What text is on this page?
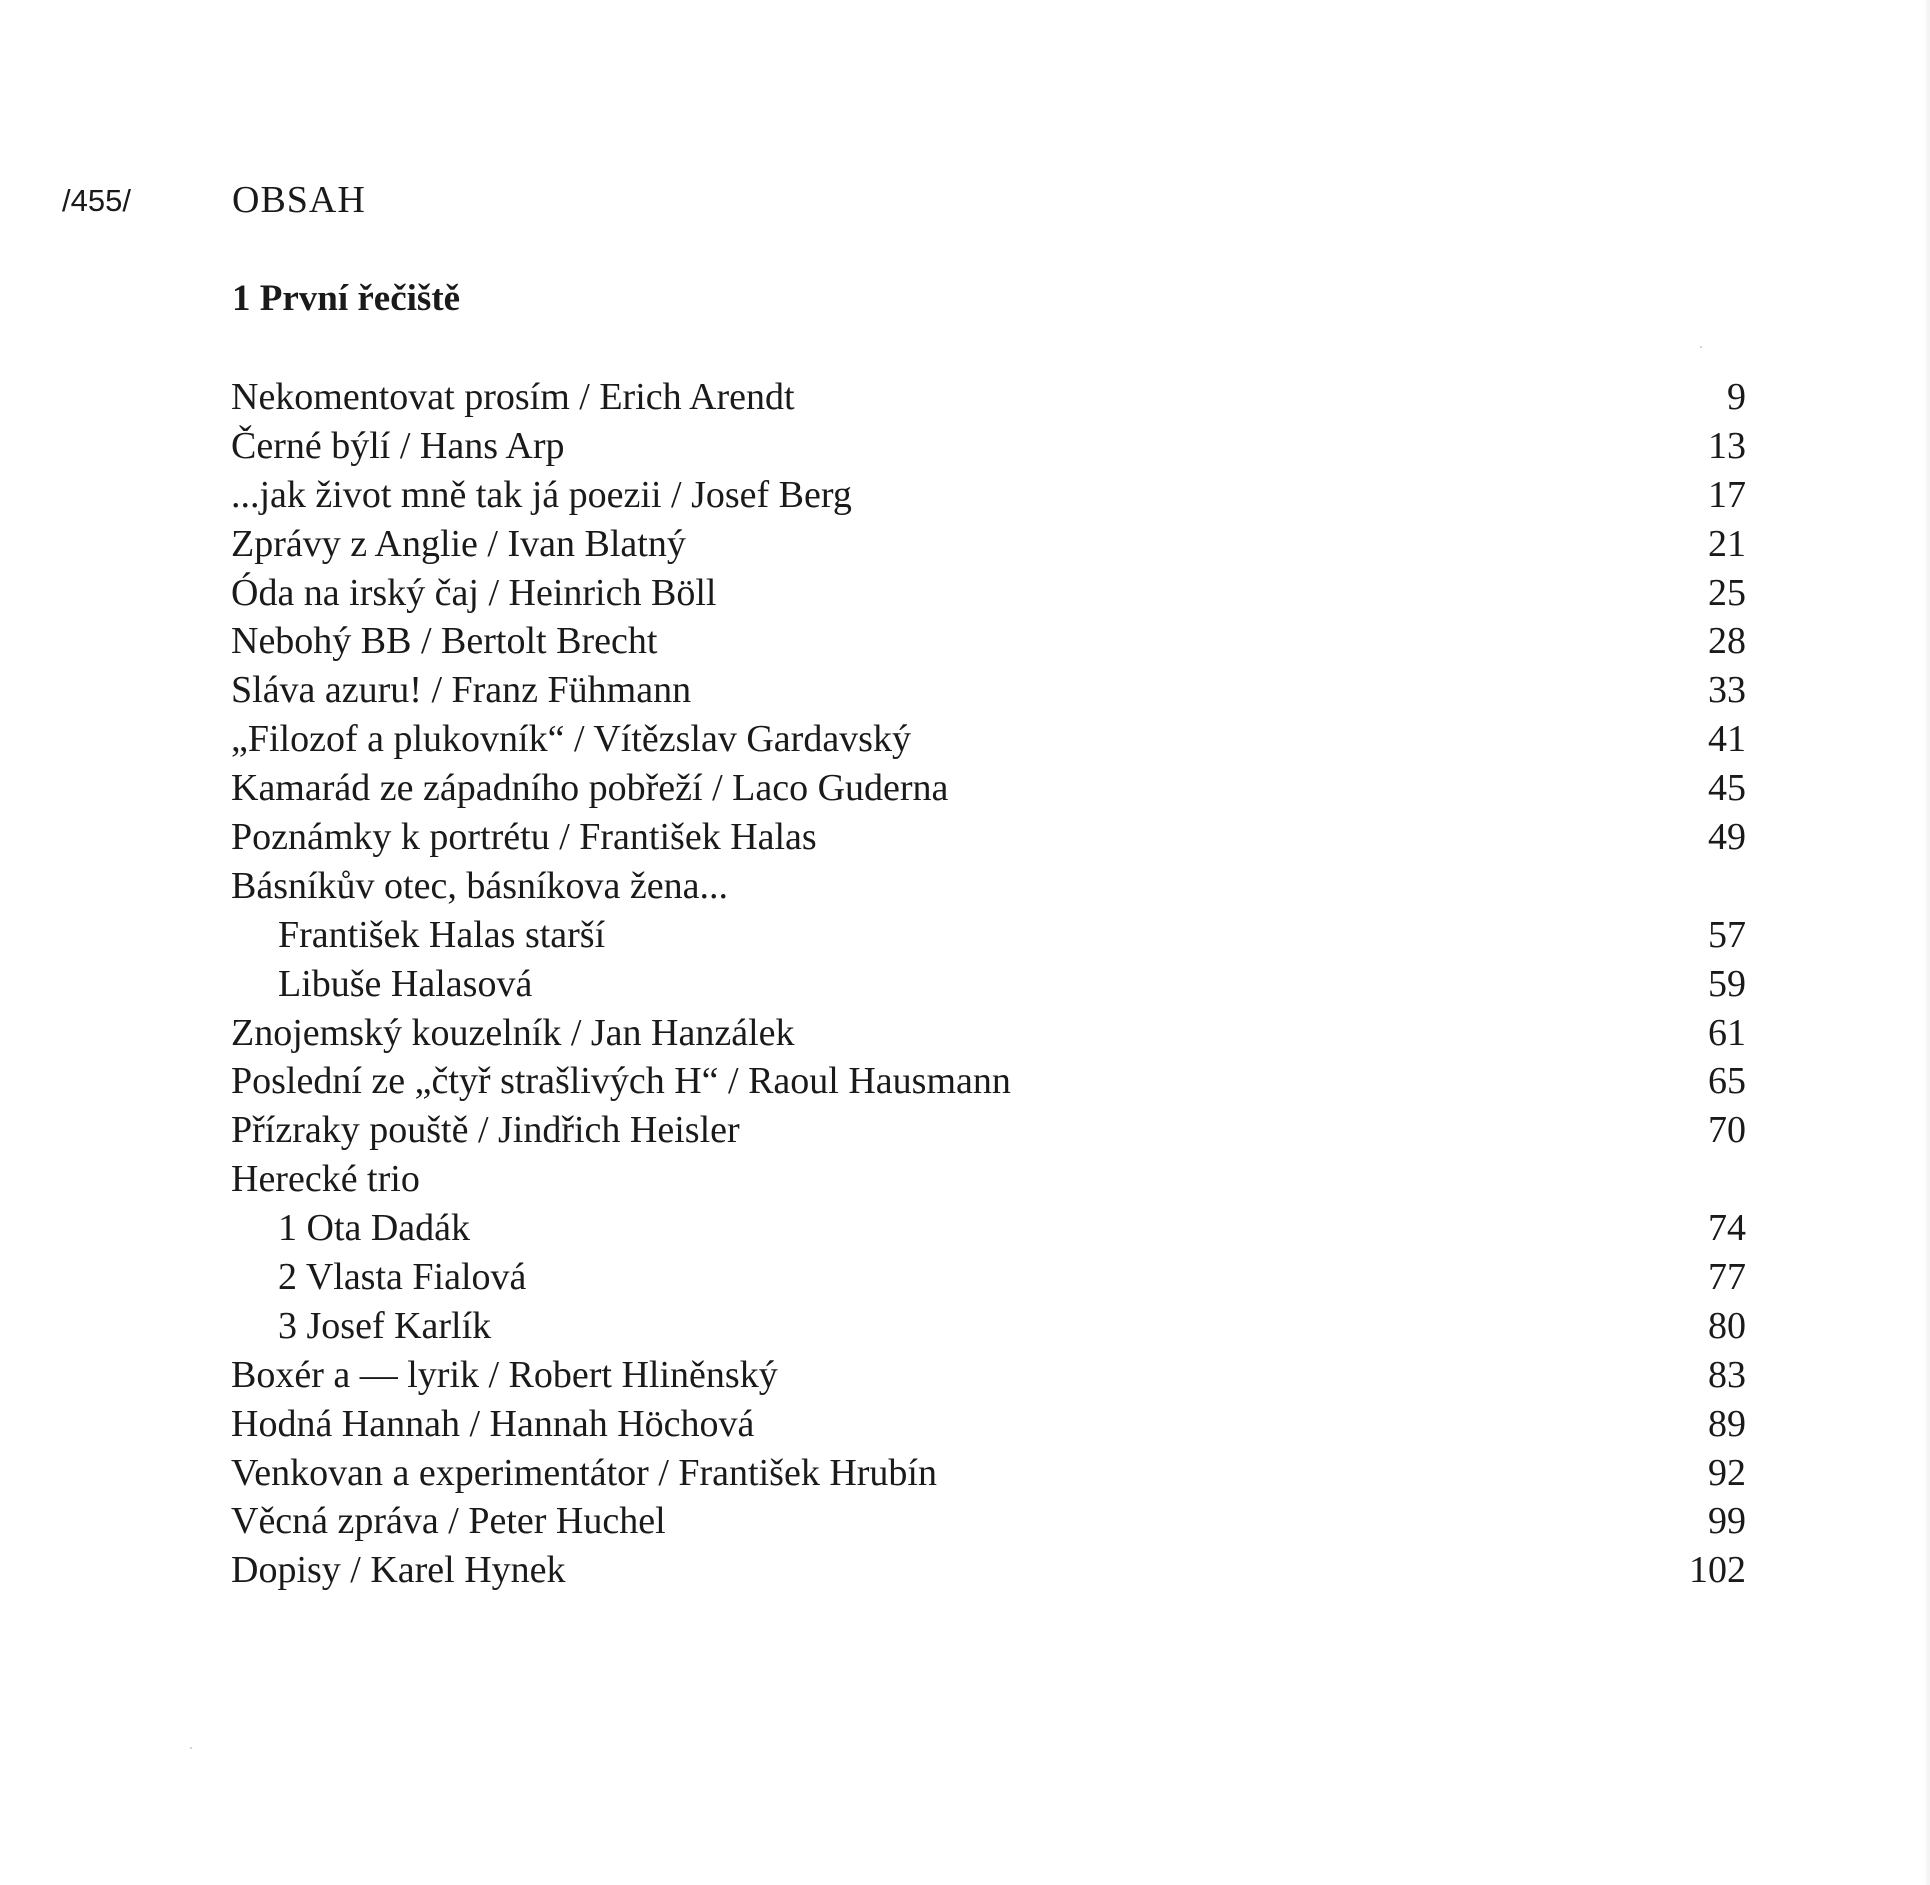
/455/	OBSAH
1 První řečiště
Nekomentovat prosím / Erich Arendt	9
Černé býlí / Hans Arp	13
...jak život mně tak já poezii / Josef Berg	17
Zprávy z Anglie / Ivan Blatný	21
Óda na irský čaj / Heinrich Böll	25
Nebohý BB / Bertolt Brecht	28
Sláva azuru! / Franz Fühmann	33
„Filozof a plukovník“ / Vítězslav Gardavský	41
Kamarád ze západního pobřeží / Laco Guderna	45
Poznámky k portrétu / František Halas	49
Básníkův otec, básníkova žena...
František Halas starší	57
Libuše Halasová	59
Znojemský kouzelník / Jan Hanzálek	61
Poslední ze „čtyř strašlivých H“ / Raoul Hausmann	65
Přízraky pouště / Jindřich Heisler	70
Herecké trio
1 Ota Dadák	74
2 Vlasta Fialová	77
3 Josef Karlík	80
Boxér a — lyrik / Robert Hliněnský	83
Hodná Hannah / Hannah Höchová	89
Venkovan a experimentátor / František Hrubín	92
Věcná zpráva / Peter Huchel	99
Dopisy / Karel Hynek	102
